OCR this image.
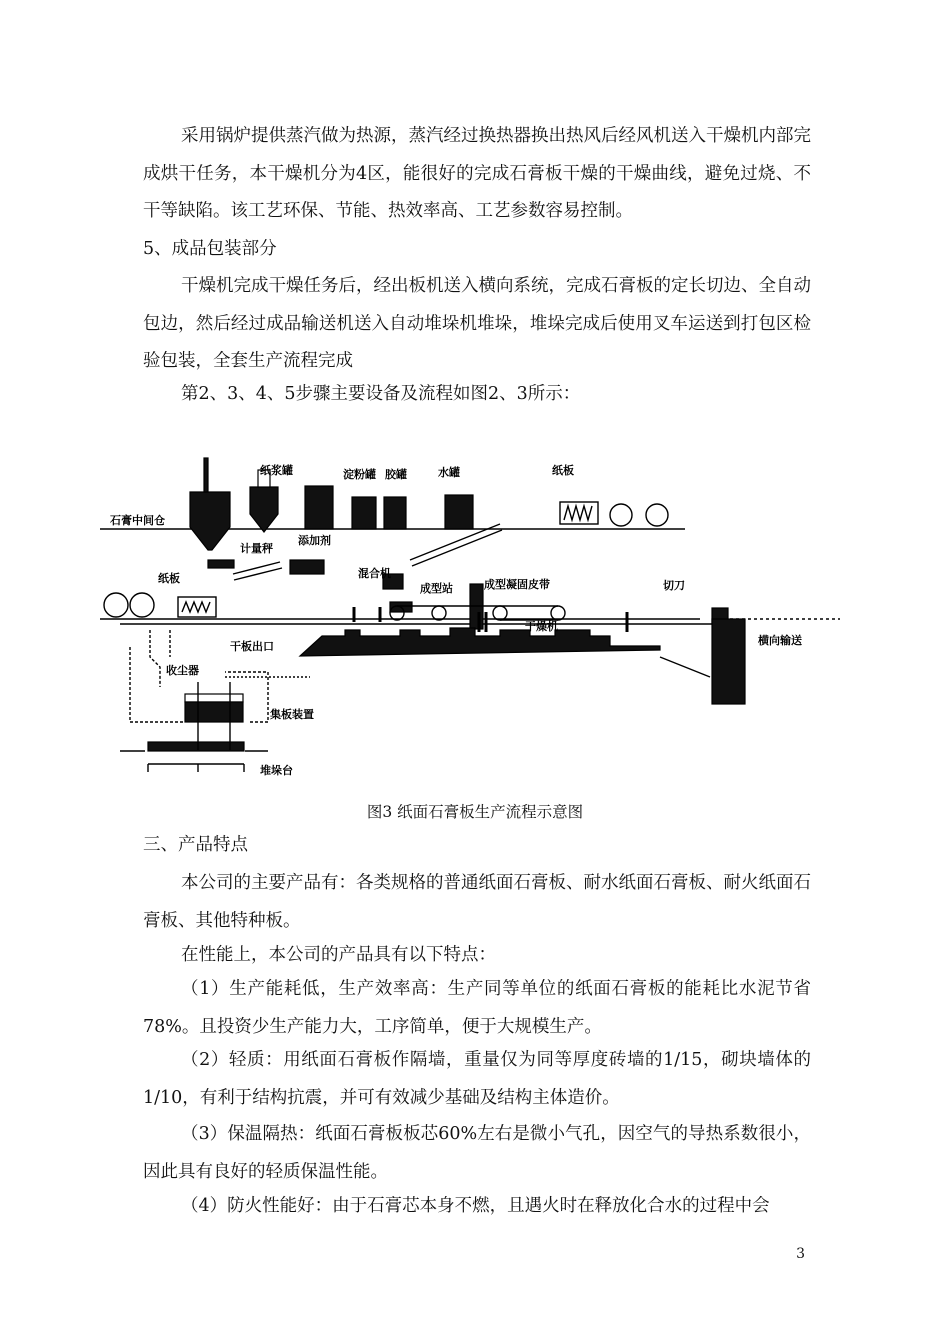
采用锅炉提供蒸汽做为热源，蒸汽经过换热器换出热风后经风机送入干燥机内部完成烘干任务，本干燥机分为4区，能很好的完成石膏板干燥的干燥曲线，避免过烧、不干等缺陷。该工艺环保、节能、热效率高、工艺参数容易控制。

5、成品包装部分

干燥机完成干燥任务后，经出板机送入横向系统，完成石膏板的定长切边、全自动包边，然后经过成品输送机送入自动堆垛机堆垛，堆垛完成后使用叉车运送到打包区检验包装，全套生产流程完成

第2、3、4、5步骤主要设备及流程如图2、3所示：

纸浆罐	淀粉罐 胶罐	水罐	纸板
石膏中间仓
计量秤
添加剂
混合机
成型站	成型凝固皮带	切刀
纸板
干燥机
横向输送
干板出口
收尘器
集板装置
堆垛台
图3 纸面石膏板生产流程示意图

三、产品特点

本公司的主要产品有：各类规格的普通纸面石膏板、耐水纸面石膏板、耐火纸面石膏板、其他特种板。

在性能上，本公司的产品具有以下特点：

（1）生产能耗低，生产效率高：生产同等单位的纸面石膏板的能耗比水泥节省78%。且投资少生产能力大，工序简单，便于大规模生产。

（2）轻质：用纸面石膏板作隔墙，重量仅为同等厚度砖墙的1/15，砌块墙体的1/10，有利于结构抗震，并可有效减少基础及结构主体造价。

（3）保温隔热：纸面石膏板板芯60%左右是微小气孔，因空气的导热系数很小，因此具有良好的轻质保温性能。

（4）防火性能好：由于石膏芯本身不燃，且遇火时在释放化合水的过程中会

3
